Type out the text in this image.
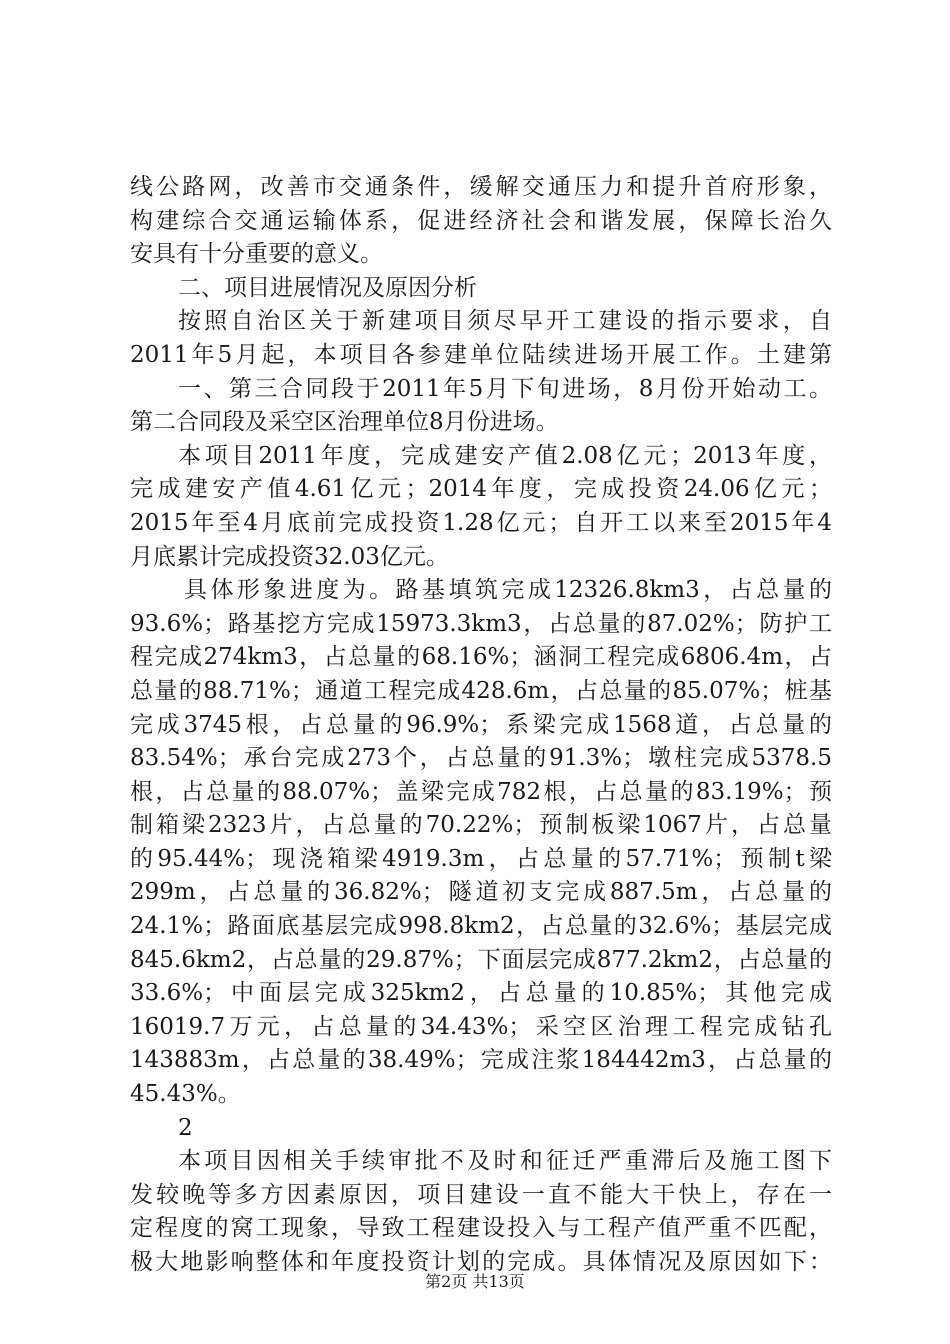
线公路网，改善市交通条件，缓解交通压力和提升首府形象，
构建综合交通运输体系，促进经济社会和谐发展，保障长治久
安具有十分重要的意义。
二、项目进展情况及原因分析
按照自治区关于新建项目须尽早开工建设的指示要求，自
2011年5月起，本项目各参建单位陆续进场开展工作。土建第
一、第三合同段于2011年5月下旬进场，8月份开始动工。
第二合同段及采空区治理单位8月份进场。
本项目2011年度，完成建安产值2.08亿元；2013年度，
完成建安产值4.61亿元；2014年度，完成投资24.06亿元；
2015年至4月底前完成投资1.28亿元；自开工以来至2015年4
月底累计完成投资32.03亿元。
具体形象进度为。路基填筑完成12326.8km3，占总量的
93.6%；路基挖方完成15973.3km3，占总量的87.02%；防护工
程完成274km3，占总量的68.16%；涵洞工程完成6806.4m，占
总量的88.71%；通道工程完成428.6m，占总量的85.07%；桩基
完成3745根，占总量的96.9%；系梁完成1568道，占总量的
83.54%；承台完成273个，占总量的91.3%；墩柱完成5378.5
根，占总量的88.07%；盖梁完成782根，占总量的83.19%；预
制箱梁2323片，占总量的70.22%；预制板梁1067片，占总量
的95.44%；现浇箱梁4919.3m，占总量的57.71%；预制t梁
299m，占总量的36.82%；隧道初支完成887.5m，占总量的
24.1%；路面底基层完成998.8km2，占总量的32.6%；基层完成
845.6km2，占总量的29.87%；下面层完成877.2km2，占总量的
33.6%；中面层完成325km2，占总量的10.85%；其他完成
16019.7万元，占总量的34.43%；采空区治理工程完成钻孔
143883m，占总量的38.49%；完成注浆184442m3，占总量的
45.43%。
2
本项目因相关手续审批不及时和征迁严重滞后及施工图下
发较晚等多方因素原因，项目建设一直不能大干快上，存在一
定程度的窝工现象，导致工程建设投入与工程产值严重不匹配，
极大地影响整体和年度投资计划的完成。具体情况及原因如下：
第2页 共13页
